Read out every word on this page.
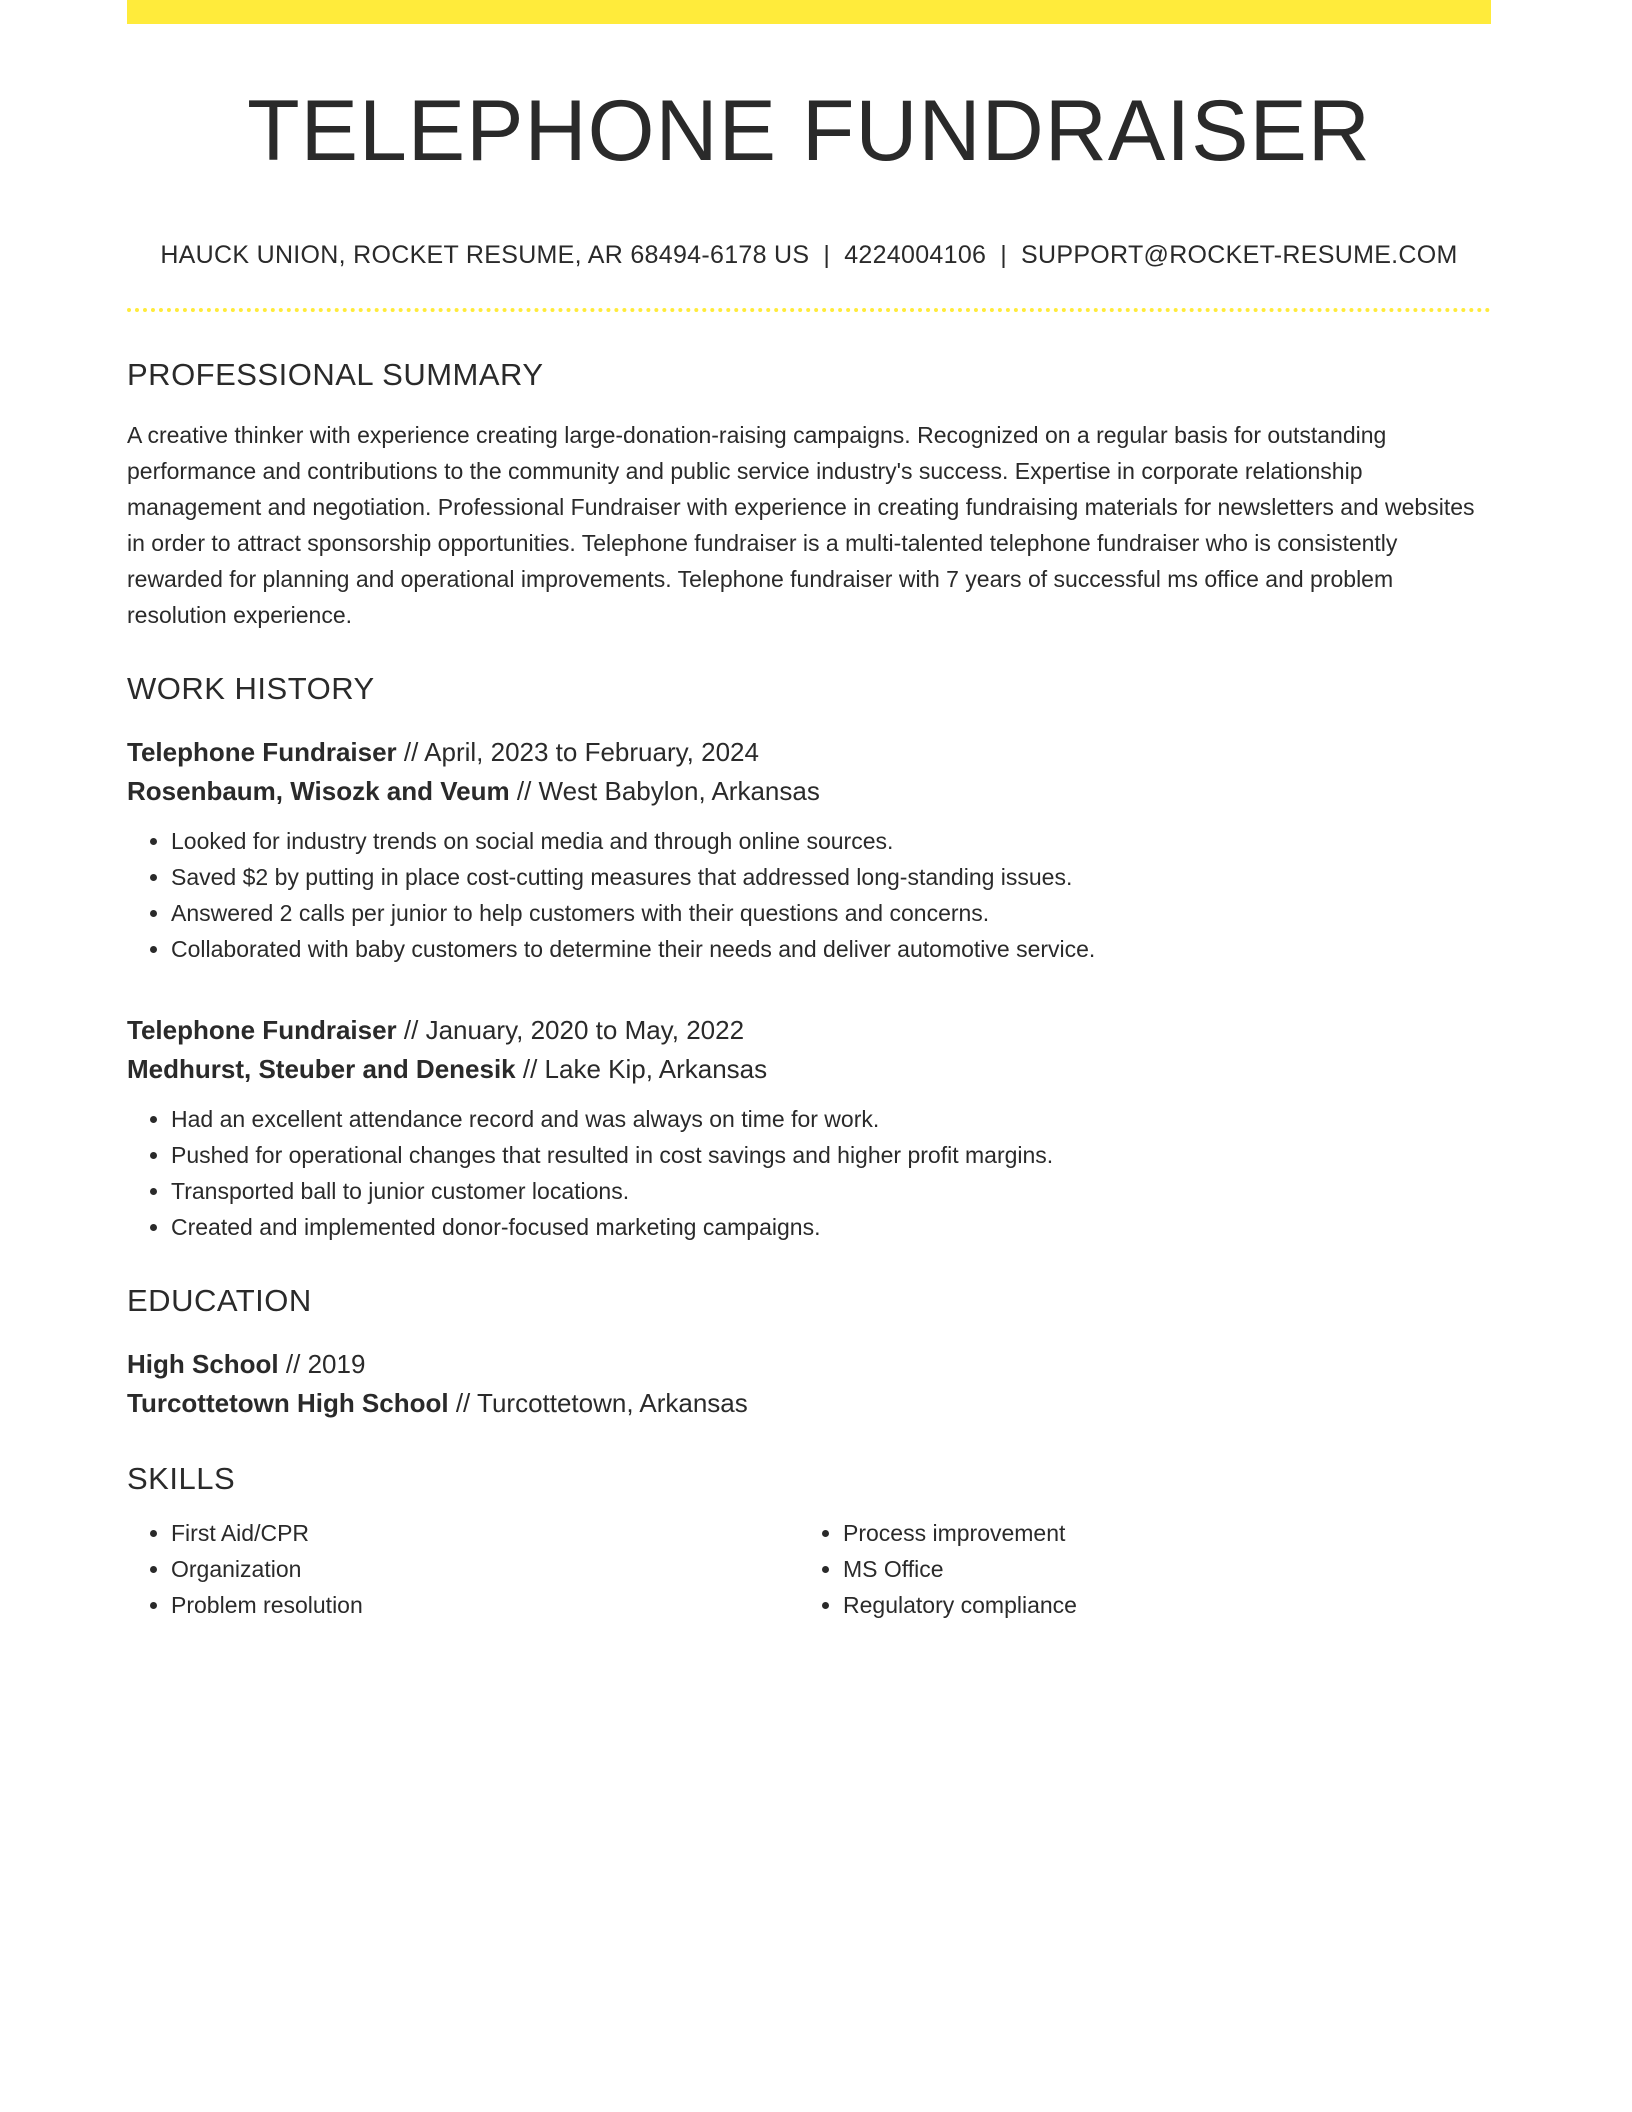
TELEPHONE FUNDRAISER
HAUCK UNION, ROCKET RESUME, AR 68494-6178 US | 4224004106 | SUPPORT@ROCKET-RESUME.COM
PROFESSIONAL SUMMARY

A creative thinker with experience creating large-donation-raising campaigns. Recognized on a regular basis for outstanding performance and contributions to the community and public service industry's success. Expertise in corporate relationship management and negotiation. Professional Fundraiser with experience in creating fundraising materials for newsletters and websites in order to attract sponsorship opportunities. Telephone fundraiser is a multi-talented telephone fundraiser who is consistently rewarded for planning and operational improvements. Telephone fundraiser with 7 years of successful ms office and problem resolution experience.

WORK HISTORY
Telephone Fundraiser // April, 2023 to February, 2024
Rosenbaum, Wisozk and Veum // West Babylon, Arkansas
• Looked for industry trends on social media and through online sources.
• Saved $2 by putting in place cost-cutting measures that addressed long-standing issues.
• Answered 2 calls per junior to help customers with their questions and concerns.
• Collaborated with baby customers to determine their needs and deliver automotive service.
Telephone Fundraiser // January, 2020 to May, 2022
Medhurst, Steuber and Denesik // Lake Kip, Arkansas
• Had an excellent attendance record and was always on time for work.
• Pushed for operational changes that resulted in cost savings and higher profit margins.
• Transported ball to junior customer locations.
• Created and implemented donor-focused marketing campaigns.
EDUCATION
High School // 2019
Turcottetown High School // Turcottetown, Arkansas
SKILLS
• First Aid/CPR
• Organization
• Problem resolution
• Process improvement
• MS Office
• Regulatory compliance
